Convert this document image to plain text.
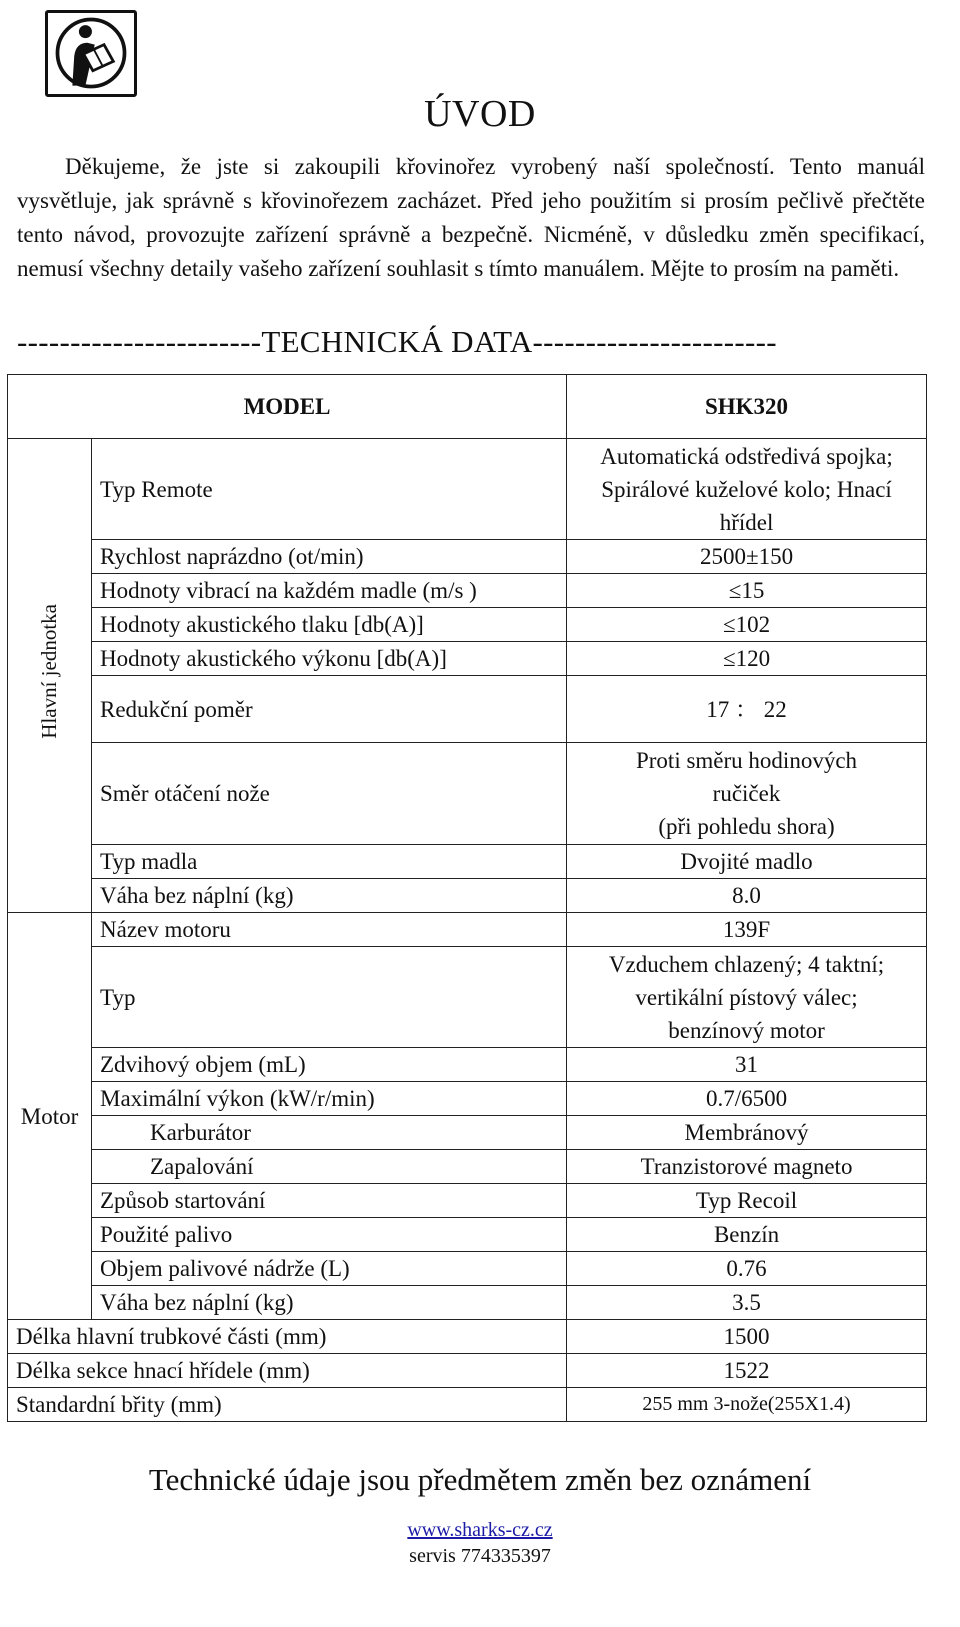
ÚVOD

Děkujeme, že jste si zakoupili křovinořez vyrobený naší společností. Tento manuál vysvětluje, jak správně s křovinořezem zacházet. Před jeho použitím si prosím pečlivě přečtěte tento návod, provozujte zařízení správně a bezpečně. Nicméně, v důsledku změn specifikací, nemusí všechny detaily vašeho zařízení souhlasit s tímto manuálem. Mějte to prosím na paměti.

-----------------------TECHNICKÁ DATA-----------------------
MODEL		SHK320
Hlavní jednotka	Typ Remote	Automatická odstředivá spojka;
Spirálové kuželové kolo; Hnací
hřídel

	Rychlost naprázdno (ot/min)	2500±150
	Hodnoty vibrací na každém madle (m/s )	≤15
	Hodnoty akustického tlaku [db(A)]	≤102
	Hodnoty akustického výkonu [db(A)]	≤120
	Redukční poměr	17 ： 22
	Směr otáčení nože	Proti směru hodinových
ručiček
(při pohledu shora)

	Typ madla	Dvojité madlo
	Váha bez náplní (kg)	8.0
Motor	Název motoru	139F
	Typ	Vzduchem chlazený; 4 taktní;
vertikální pístový válec;
benzínový motor

	Zdvihový objem (mL)	31
	Maximální výkon (kW/r/min)	0.7/6500
	Karburátor	Membránový
	Zapalování	Tranzistorové magneto
	Způsob startování	Typ Recoil
	Použité palivo	Benzín
	Objem palivové nádrže (L)	0.76
	Váha bez náplní (kg)	3.5
Délka hlavní trubkové části (mm)		1500
Délka sekce hnací hřídele (mm)		1522
Standardní břity (mm)		255 mm 3-nože(255X1.4)
Technické údaje jsou předmětem změn bez oznámení
www.sharks-cz.cz
servis 774335397
